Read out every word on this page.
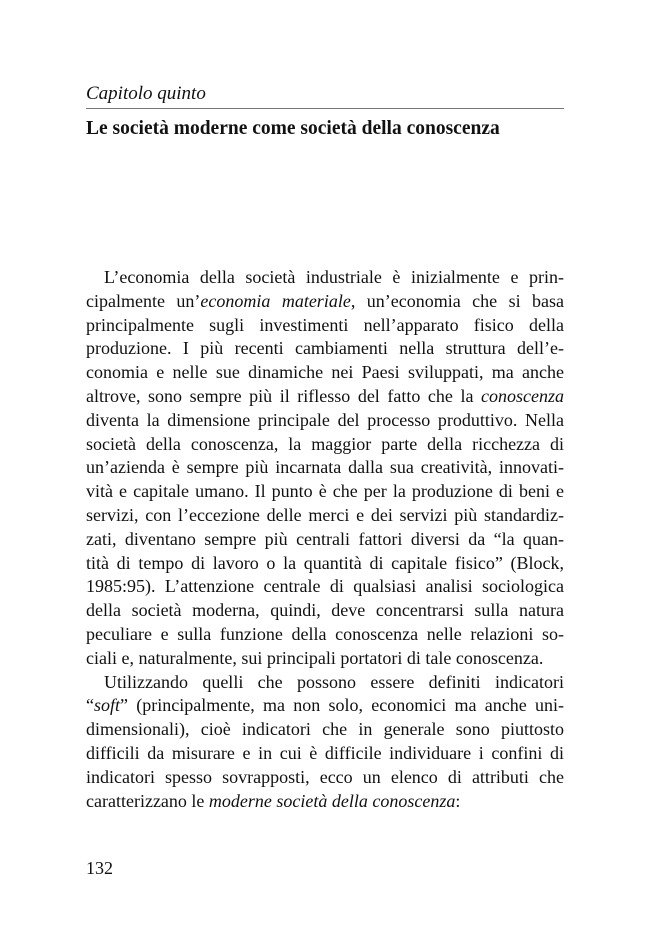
Capitolo quinto
Le società moderne come società della conoscenza
L’economia della società industriale è inizialmente e prin-
cipalmente un’economia materiale, un’economia che si basa
principalmente sugli investimenti nell’apparato fisico della
produzione. I più recenti cambiamenti nella struttura dell’e-
conomia e nelle sue dinamiche nei Paesi sviluppati, ma anche
altrove, sono sempre più il riflesso del fatto che la conoscenza
diventa la dimensione principale del processo produttivo. Nella
società della conoscenza, la maggior parte della ricchezza di
un’azienda è sempre più incarnata dalla sua creatività, innovati-
vità e capitale umano. Il punto è che per la produzione di beni e
servizi, con l’eccezione delle merci e dei servizi più standardiz-
zati, diventano sempre più centrali fattori diversi da “la quan-
tità di tempo di lavoro o la quantità di capitale fisico” (Block,
1985:95). L’attenzione centrale di qualsiasi analisi sociologica
della società moderna, quindi, deve concentrarsi sulla natura
peculiare e sulla funzione della conoscenza nelle relazioni so-
ciali e, naturalmente, sui principali portatori di tale conoscenza.
Utilizzando quelli che possono essere definiti indicatori
“soft” (principalmente, ma non solo, economici ma anche uni-
dimensionali), cioè indicatori che in generale sono piuttosto
difficili da misurare e in cui è difficile individuare i confini di
indicatori spesso sovrapposti, ecco un elenco di attributi che
caratterizzano le moderne società della conoscenza:
132
